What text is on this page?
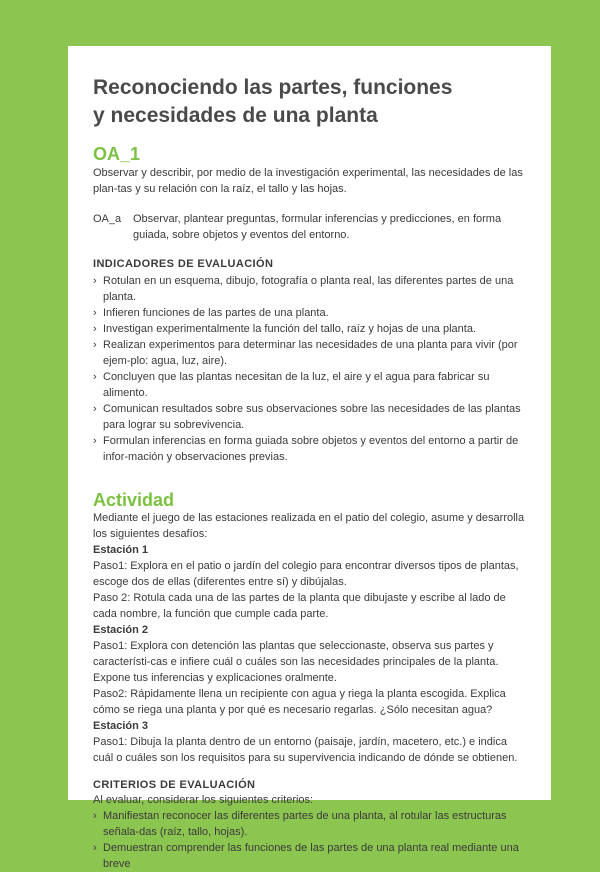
Reconociendo las partes, funciones
y necesidades de una planta
OA_1

Observar y describir, por medio de la investigación experimental, las necesidades de las plan-tas y su relación con la raíz, el tallo y las hojas.

OA_a	Observar, plantear preguntas, formular inferencias y predicciones, en forma guiada, sobre objetos y eventos del entorno.
INDICADORES DE EVALUACIÓN
› Rotulan en un esquema, dibujo, fotografía o planta real, las diferentes partes de una planta.
› Infieren funciones de las partes de una planta.
› Investigan experimentalmente la función del tallo, raíz y hojas de una planta.
› Realizan experimentos para determinar las necesidades de una planta para vivir (por ejem-plo: agua, luz, aire).
› Concluyen que las plantas necesitan de la luz, el aire y el agua para fabricar su alimento.
› Comunican resultados sobre sus observaciones sobre las necesidades de las plantas para lograr su sobrevivencia.
› Formulan inferencias en forma guiada sobre objetos y eventos del entorno a partir de infor-mación y observaciones previas.
Actividad

Mediante el juego de las estaciones realizada en el patio del colegio, asume y desarrolla los siguientes desafíos:

Estación 1

Paso1: Explora en el patio o jardín del colegio para encontrar diversos tipos de plantas, escoge dos de ellas (diferentes entre sí) y dibújalas.

Paso 2: Rotula cada una de las partes de la planta que dibujaste y escribe al lado de cada nombre, la función que cumple cada parte.

Estación 2

Paso1: Explora con detención las plantas que seleccionaste, observa sus partes y característi-cas e infiere cuál o cuáles son las necesidades principales de la planta. Expone tus inferencias y explicaciones oralmente.

Paso2: Rápidamente llena un recipiente con agua y riega la planta escogida. Explica cómo se riega una planta y por qué es necesario regarlas. ¿Sólo necesitan agua?

Estación 3

Paso1: Dibuja la planta dentro de un entorno (paisaje, jardín, macetero, etc.) e indica cuál o cuáles son los requisitos para su supervivencia indicando de dónde se obtienen.

CRITERIOS DE EVALUACIÓN

Al evaluar, considerar los siguientes criterios:

› Manifiestan reconocer las diferentes partes de una planta, al rotular las estructuras señala-das (raíz, tallo, hojas).
› Demuestran comprender las funciones de las partes de una planta real mediante una breve
